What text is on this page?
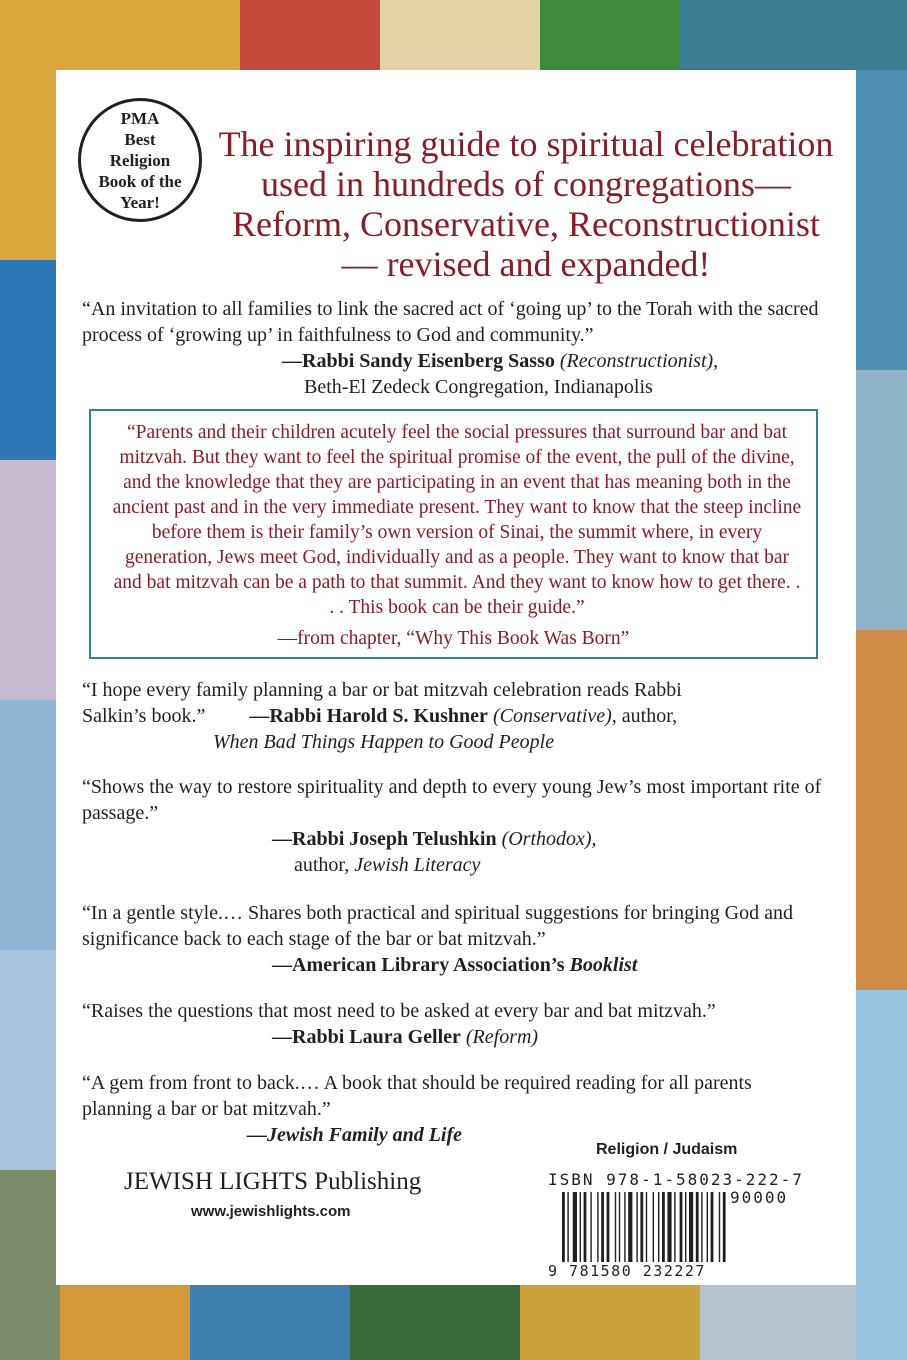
PMA
Best
Religion
Book of the
Year!
The inspiring guide to spiritual celebration used in hundreds of congregations— Reform, Conservative, Reconstructionist— revised and expanded!
“An invitation to all families to link the sacred act of ‘going up’ to the Torah with the sacred process of ‘growing up’ in faithfulness to God and community.”
—Rabbi Sandy Eisenberg Sasso (Reconstructionist),
Beth-El Zedeck Congregation, Indianapolis
“Parents and their children acutely feel the social pressures that surround bar and bat mitzvah. But they want to feel the spiritual promise of the event, the pull of the divine, and the knowledge that they are participating in an event that has meaning both in the ancient past and in the very immediate present. They want to know that the steep incline before them is their family’s own version of Sinai, the summit where, in every generation, Jews meet God, individually and as a people. They want to know that bar and bat mitzvah can be a path to that summit. And they want to know how to get there. . . . This book can be their guide.”
—from chapter, “Why This Book Was Born”
“I hope every family planning a bar or bat mitzvah celebration reads Rabbi
Salkin’s book.” —Rabbi Harold S. Kushner (Conservative), author,
When Bad Things Happen to Good People
“Shows the way to restore spirituality and depth to every young Jew’s most important rite of passage.”
—Rabbi Joseph Telushkin (Orthodox),
author, Jewish Literacy
“In a gentle style.… Shares both practical and spiritual suggestions for bringing God and significance back to each stage of the bar or bat mitzvah.”
—American Library Association’s Booklist
“Raises the questions that most need to be asked at every bar and bat mitzvah.”
—Rabbi Laura Geller (Reform)
“A gem from front to back.… A book that should be required reading for all parents planning a bar or bat mitzvah.”
—Jewish Family and Life
JEWISH LIGHTS Publishing
www.jewishlights.com
Religion / Judaism
ISBN 978-1-58023-222-7
90000
9 781580 232227
